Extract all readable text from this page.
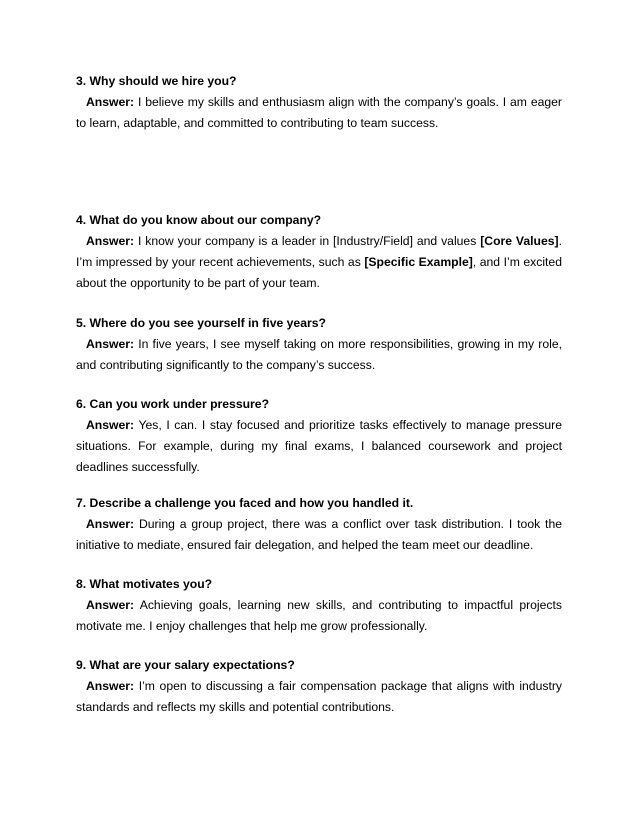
3. Why should we hire you?

Answer: I believe my skills and enthusiasm align with the company’s goals. I am eager to learn, adaptable, and committed to contributing to team success.

4. What do you know about our company?

Answer: I know your company is a leader in [Industry/Field] and values [Core Values]. I’m impressed by your recent achievements, such as [Specific Example], and I’m excited about the opportunity to be part of your team.

5. Where do you see yourself in five years?

Answer: In five years, I see myself taking on more responsibilities, growing in my role, and contributing significantly to the company’s success.

6. Can you work under pressure?

Answer: Yes, I can. I stay focused and prioritize tasks effectively to manage pressure situations. For example, during my final exams, I balanced coursework and project deadlines successfully.

7. Describe a challenge you faced and how you handled it.

Answer: During a group project, there was a conflict over task distribution. I took the initiative to mediate, ensured fair delegation, and helped the team meet our deadline.

8. What motivates you?

Answer: Achieving goals, learning new skills, and contributing to impactful projects motivate me. I enjoy challenges that help me grow professionally.

9. What are your salary expectations?

Answer: I’m open to discussing a fair compensation package that aligns with industry standards and reflects my skills and potential contributions.
